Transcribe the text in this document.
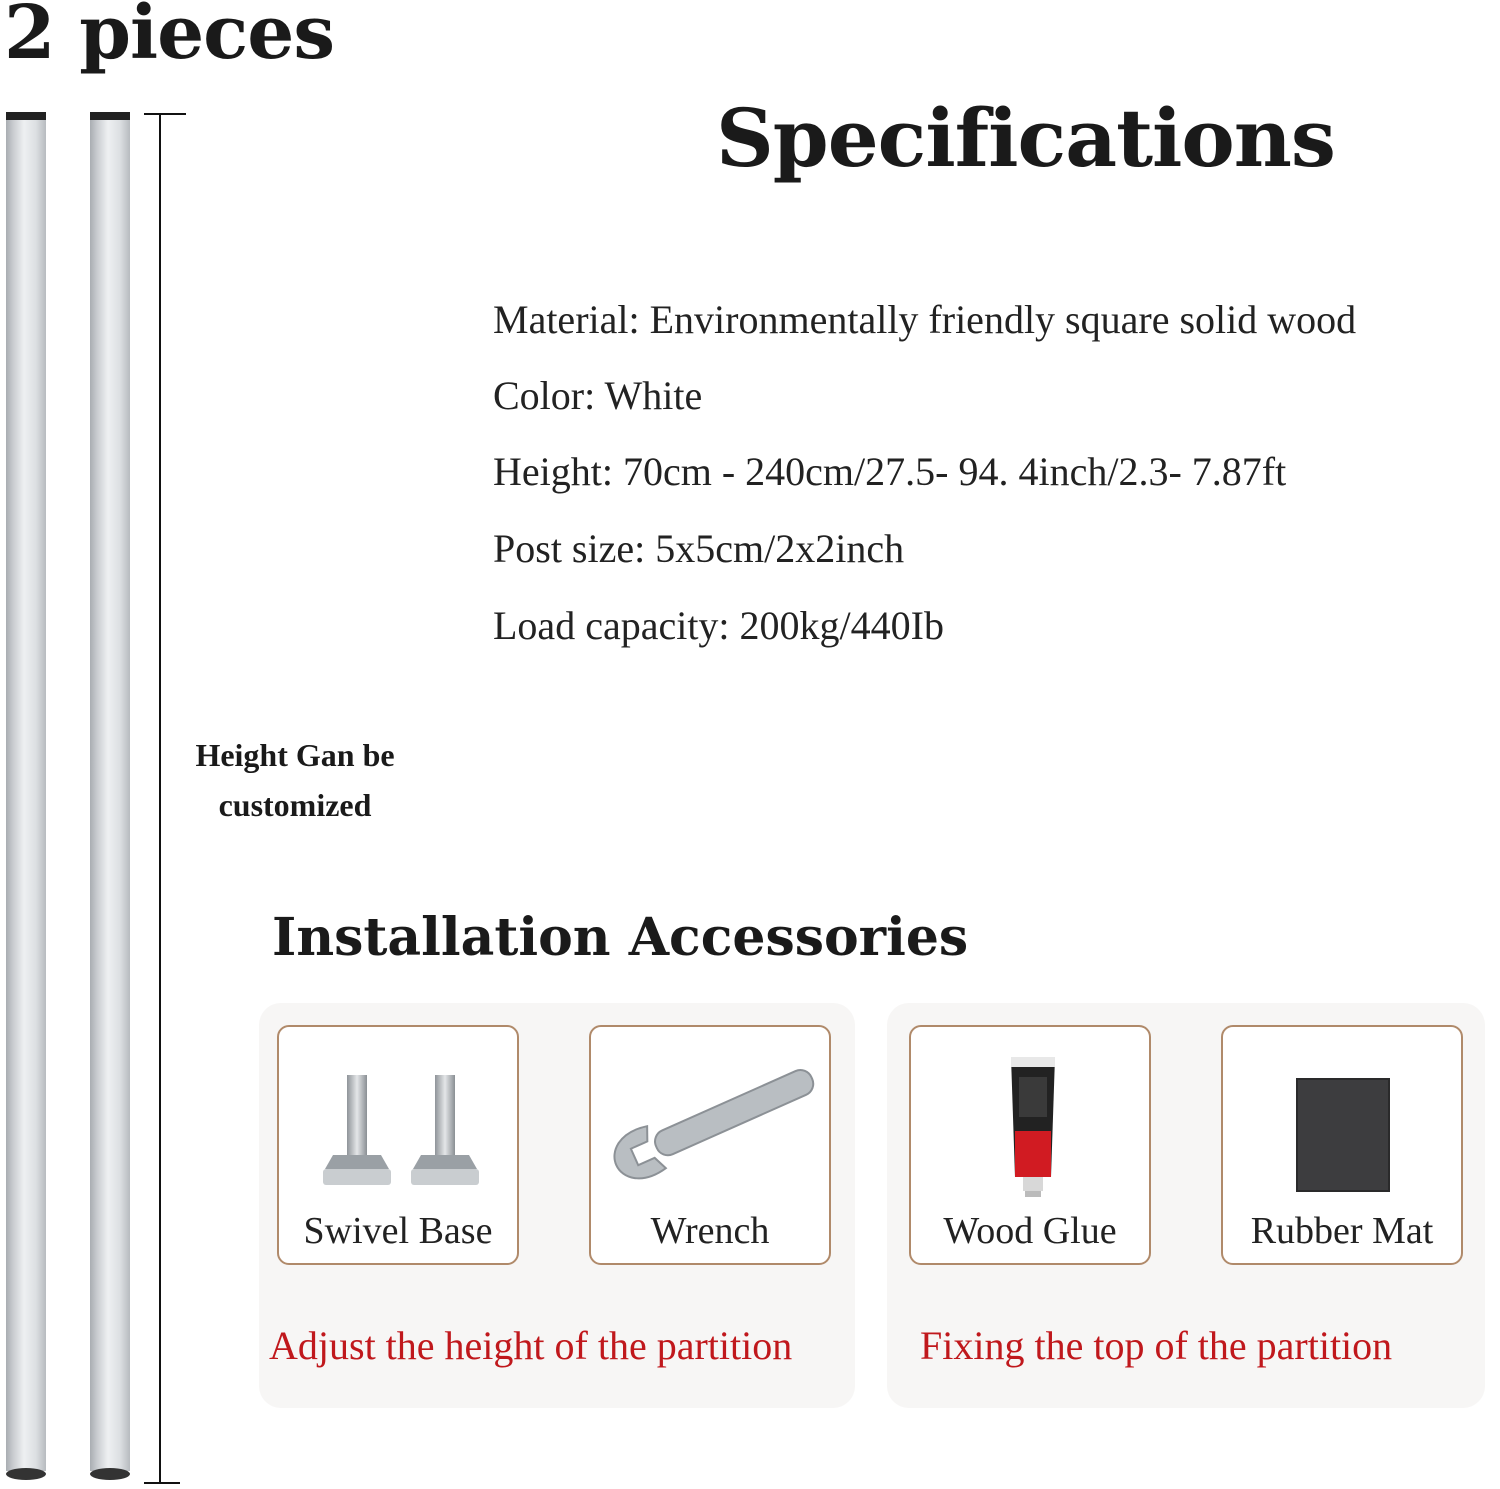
2 pieces
Height Gan be
customized
Specifications
Material: Environmentally friendly square solid wood
Color: White
Height: 70cm - 240cm/27.5- 94. 4inch/2.3- 7.87ft
Post size: 5x5cm/2x2inch
Load capacity: 200kg/440Ib
Installation Accessories
Swivel Base	Wrench	Wood Glue	Rubber Mat
Adjust the height of the partition	Fixing the top of the partition
